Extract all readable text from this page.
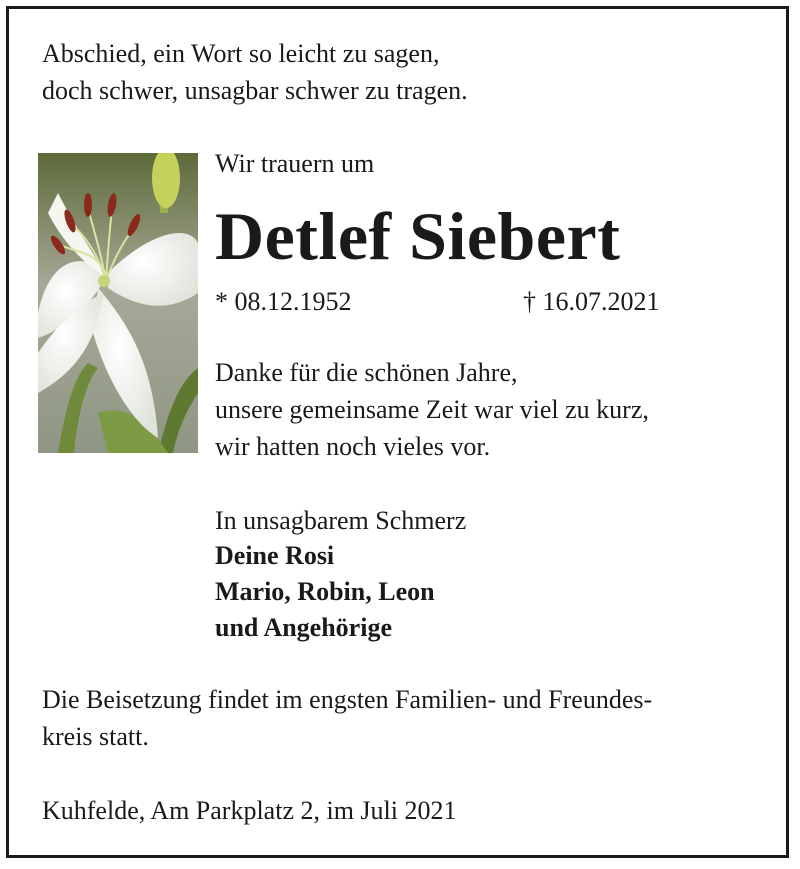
Abschied, ein Wort so leicht zu sagen,
doch schwer, unsagbar schwer zu tragen.
Wir trauern um
Detlef Siebert
* 08.12.1952	† 16.07.2021
Danke für die schönen Jahre,
unsere gemeinsame Zeit war viel zu kurz,
wir hatten noch vieles vor.
In unsagbarem Schmerz
Deine Rosi
Mario, Robin, Leon
und Angehörige
Die Beisetzung findet im engsten Familien- und Freundes-
kreis statt.
Kuhfelde, Am Parkplatz 2, im Juli 2021
